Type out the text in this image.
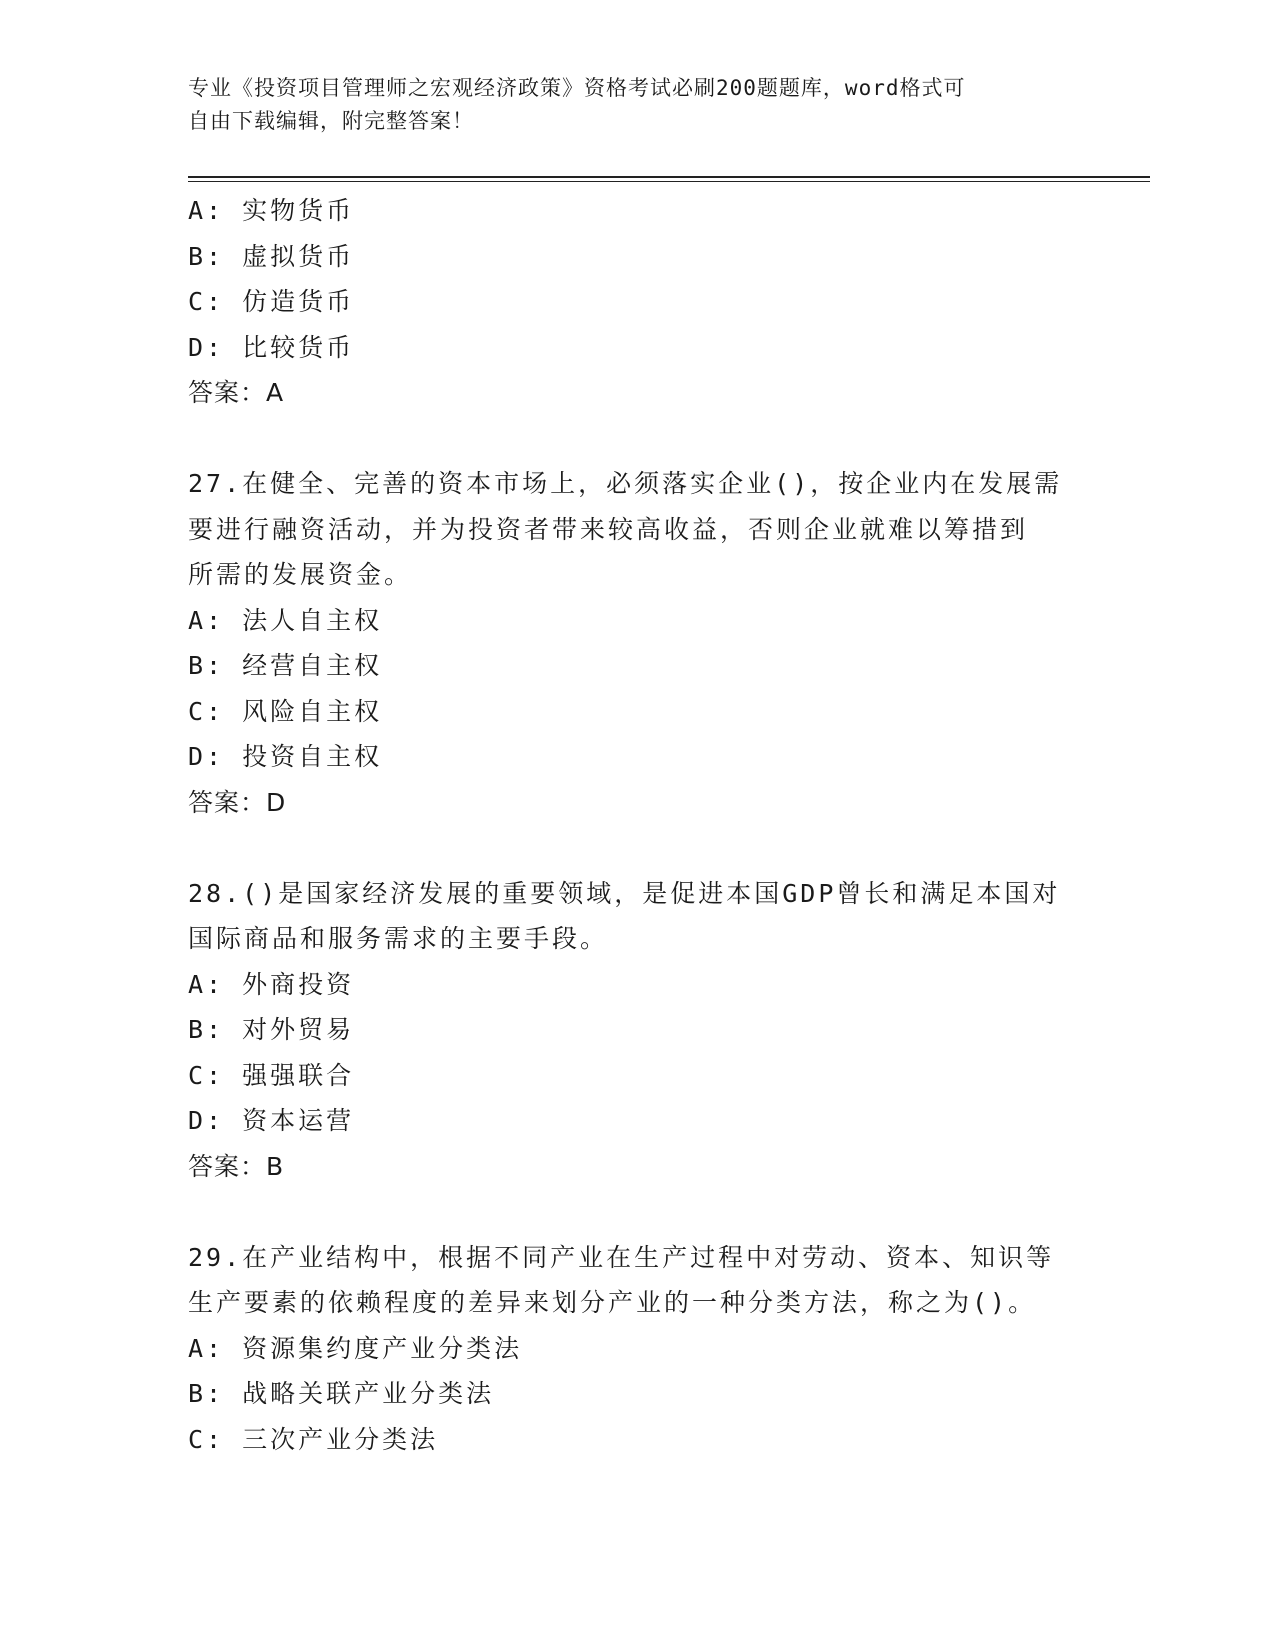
专业《投资项目管理师之宏观经济政策》资格考试必刷200题题库，word格式可
自由下载编辑，附完整答案！
A: 实物货币
B: 虚拟货币
C: 仿造货币
D: 比较货币
答案：A
27.在健全、完善的资本市场上，必须落实企业()，按企业内在发展需
要进行融资活动，并为投资者带来较高收益，否则企业就难以筹措到
所需的发展资金。
A: 法人自主权
B: 经营自主权
C: 风险自主权
D: 投资自主权
答案：D
28.()是国家经济发展的重要领域，是促进本国GDP曾长和满足本国对
国际商品和服务需求的主要手段。
A: 外商投资
B: 对外贸易
C: 强强联合
D: 资本运营
答案：B
29.在产业结构中，根据不同产业在生产过程中对劳动、资本、知识等
生产要素的依赖程度的差异来划分产业的一种分类方法，称之为()。
A: 资源集约度产业分类法
B: 战略关联产业分类法
C: 三次产业分类法
